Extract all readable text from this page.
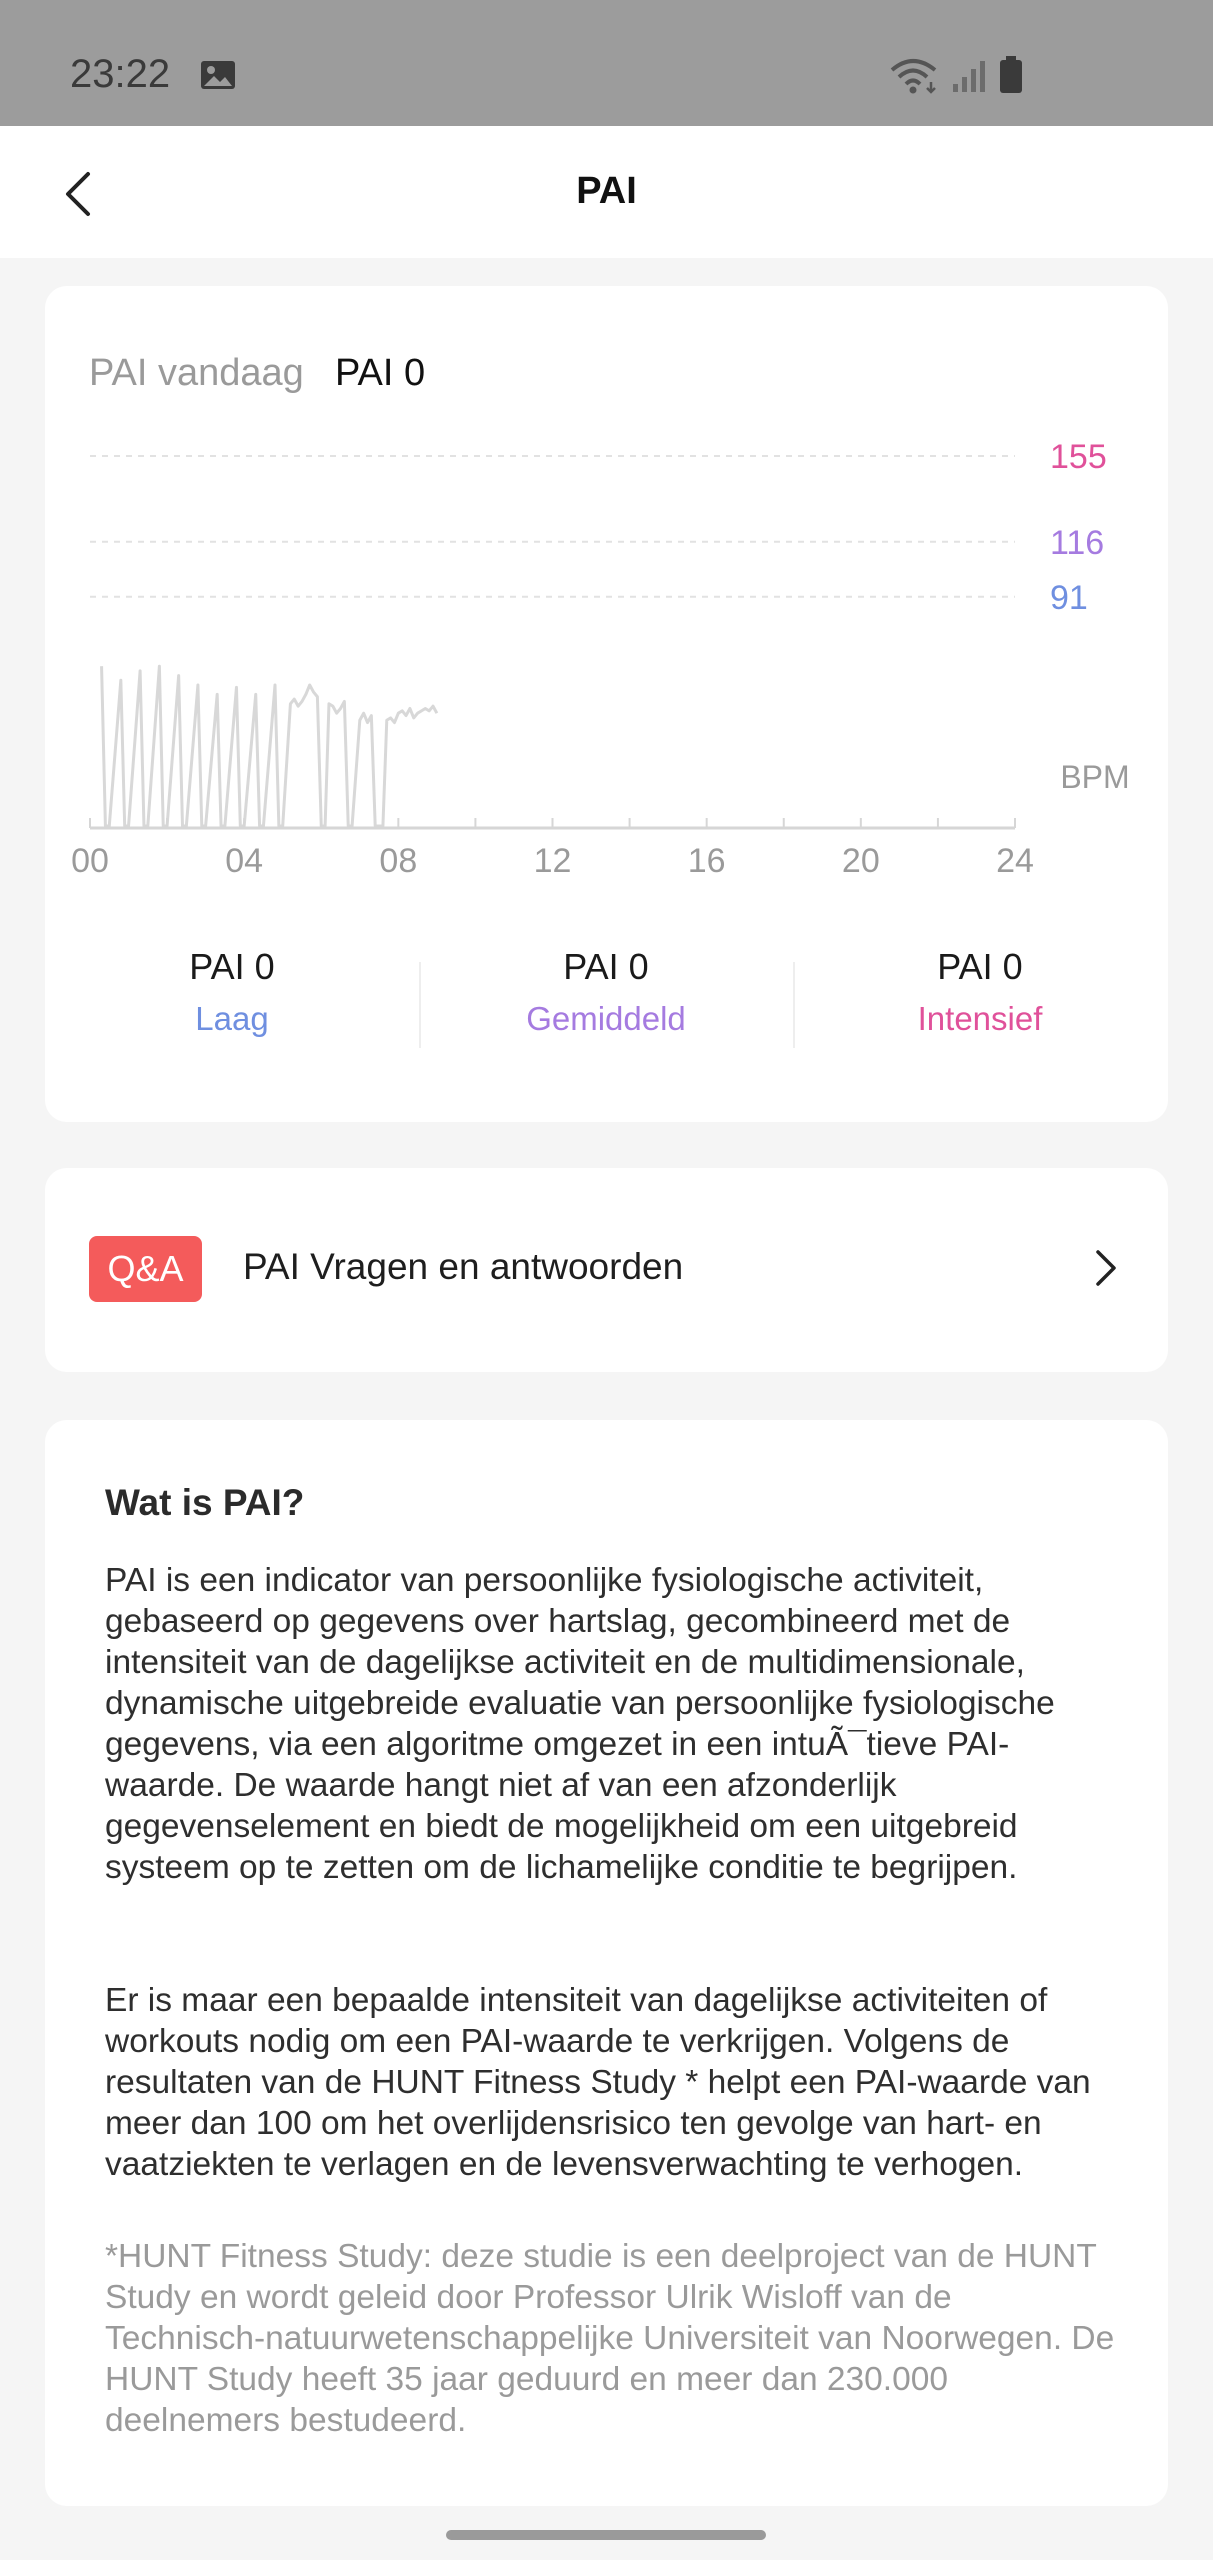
23:22
PAI
PAI vandaag PAI 0
155
116
91
00	04	08	12	16	20	24
BPM
PAI 0
Laag
PAI 0
Gemiddeld
PAI 0
Intensief
Q&A	PAI Vragen en antwoorden
Wat is PAI?

PAI is een indicator van persoonlijke fysiologische activiteit, gebaseerd op gegevens over hartslag, gecombineerd met de intensiteit van de dagelijkse activiteit en de multidimensionale, dynamische uitgebreide evaluatie van persoonlijke fysiologische gegevens, via een algoritme omgezet in een intuÃ¯tieve PAI-waarde. De waarde hangt niet af van een afzonderlijk gegevenselement en biedt de mogelijkheid om een uitgebreid systeem op te zetten om de lichamelijke conditie te begrijpen.

Er is maar een bepaalde intensiteit van dagelijkse activiteiten of workouts nodig om een PAI-waarde te verkrijgen. Volgens de resultaten van de HUNT Fitness Study * helpt een PAI-waarde van meer dan 100 om het overlijdensrisico ten gevolge van hart- en vaatziekten te verlagen en de levensverwachting te verhogen.

*HUNT Fitness Study: deze studie is een deelproject van de HUNT Study en wordt geleid door Professor Ulrik Wisloff van de Technisch-natuurwetenschappelijke Universiteit van Noorwegen. De HUNT Study heeft 35 jaar geduurd en meer dan 230.000 deelnemers bestudeerd.
